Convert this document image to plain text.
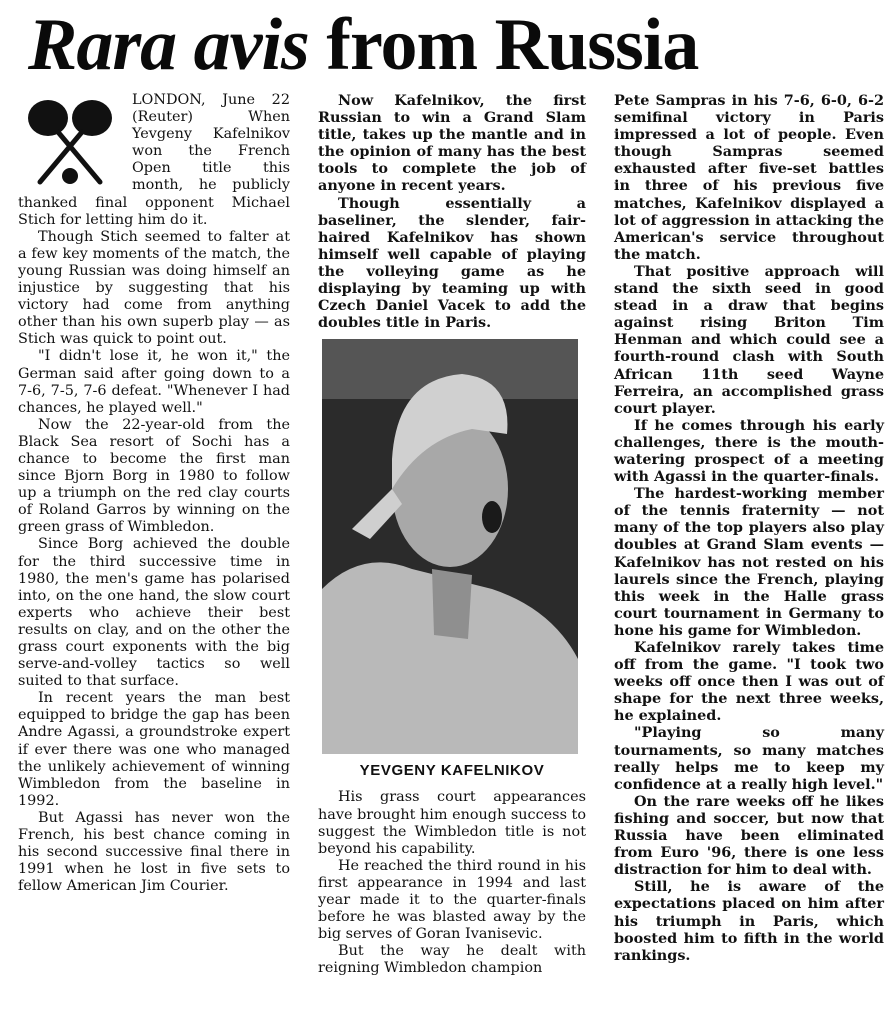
Rara avis from Russia

LONDON, June 22 (Reuter) When Yevgeny Kafelnikov won the French Open title this month, he publicly thanked final opponent Michael Stich for letting him do it.

Though Stich seemed to falter at a few key moments of the match, the young Russian was doing himself an injustice by suggesting that his victory had come from anything other than his own superb play — as Stich was quick to point out.

"I didn't lose it, he won it," the German said after going down to a 7-6, 7-5, 7-6 defeat. "Whenever I had chances, he played well."

Now the 22-year-old from the Black Sea resort of Sochi has a chance to become the first man since Bjorn Borg in 1980 to follow up a triumph on the red clay courts of Roland Garros by winning on the green grass of Wimbledon.

Since Borg achieved the double for the third successive time in 1980, the men's game has polarised into, on the one hand, the slow court experts who achieve their best results on clay, and on the other the grass court exponents with the big serve-and-volley tactics so well suited to that surface.

In recent years the man best equipped to bridge the gap has been Andre Agassi, a groundstroke expert if ever there was one who managed the unlikely achievement of winning Wimbledon from the baseline in 1992.

But Agassi has never won the French, his best chance coming in his second successive final there in 1991 when he lost in five sets to fellow American Jim Courier.

Now Kafelnikov, the first Russian to win a Grand Slam title, takes up the mantle and in the opinion of many has the best tools to complete the job of anyone in recent years.

Though essentially a baseliner, the slender, fair-haired Kafelnikov has shown himself well capable of playing the volleying game as he displaying by teaming up with Czech Daniel Vacek to add the doubles title in Paris.

YEVGENY KAFELNIKOV

His grass court appearances have brought him enough success to suggest the Wimbledon title is not beyond his capability.

He reached the third round in his first appearance in 1994 and last year made it to the quarter-finals before he was blasted away by the big serves of Goran Ivanisevic.

But the way he dealt with reigning Wimbledon champion

Pete Sampras in his 7-6, 6-0, 6-2 semifinal victory in Paris impressed a lot of people. Even though Sampras seemed exhausted after five-set battles in three of his previous five matches, Kafelnikov displayed a lot of aggression in attacking the American's service throughout the match.

That positive approach will stand the sixth seed in good stead in a draw that begins against rising Briton Tim Henman and which could see a fourth-round clash with South African 11th seed Wayne Ferreira, an accomplished grass court player.

If he comes through his early challenges, there is the mouth-watering prospect of a meeting with Agassi in the quarter-finals.

The hardest-working member of the tennis fraternity — not many of the top players also play doubles at Grand Slam events — Kafelnikov has not rested on his laurels since the French, playing this week in the Halle grass court tournament in Germany to hone his game for Wimbledon.

Kafelnikov rarely takes time off from the game. "I took two weeks off once then I was out of shape for the next three weeks, he explained.

"Playing so many tournaments, so many matches really helps me to keep my confidence at a really high level."

On the rare weeks off he likes fishing and soccer, but now that Russia have been eliminated from Euro '96, there is one less distraction for him to deal with.

Still, he is aware of the expectations placed on him after his triumph in Paris, which boosted him to fifth in the world rankings.
